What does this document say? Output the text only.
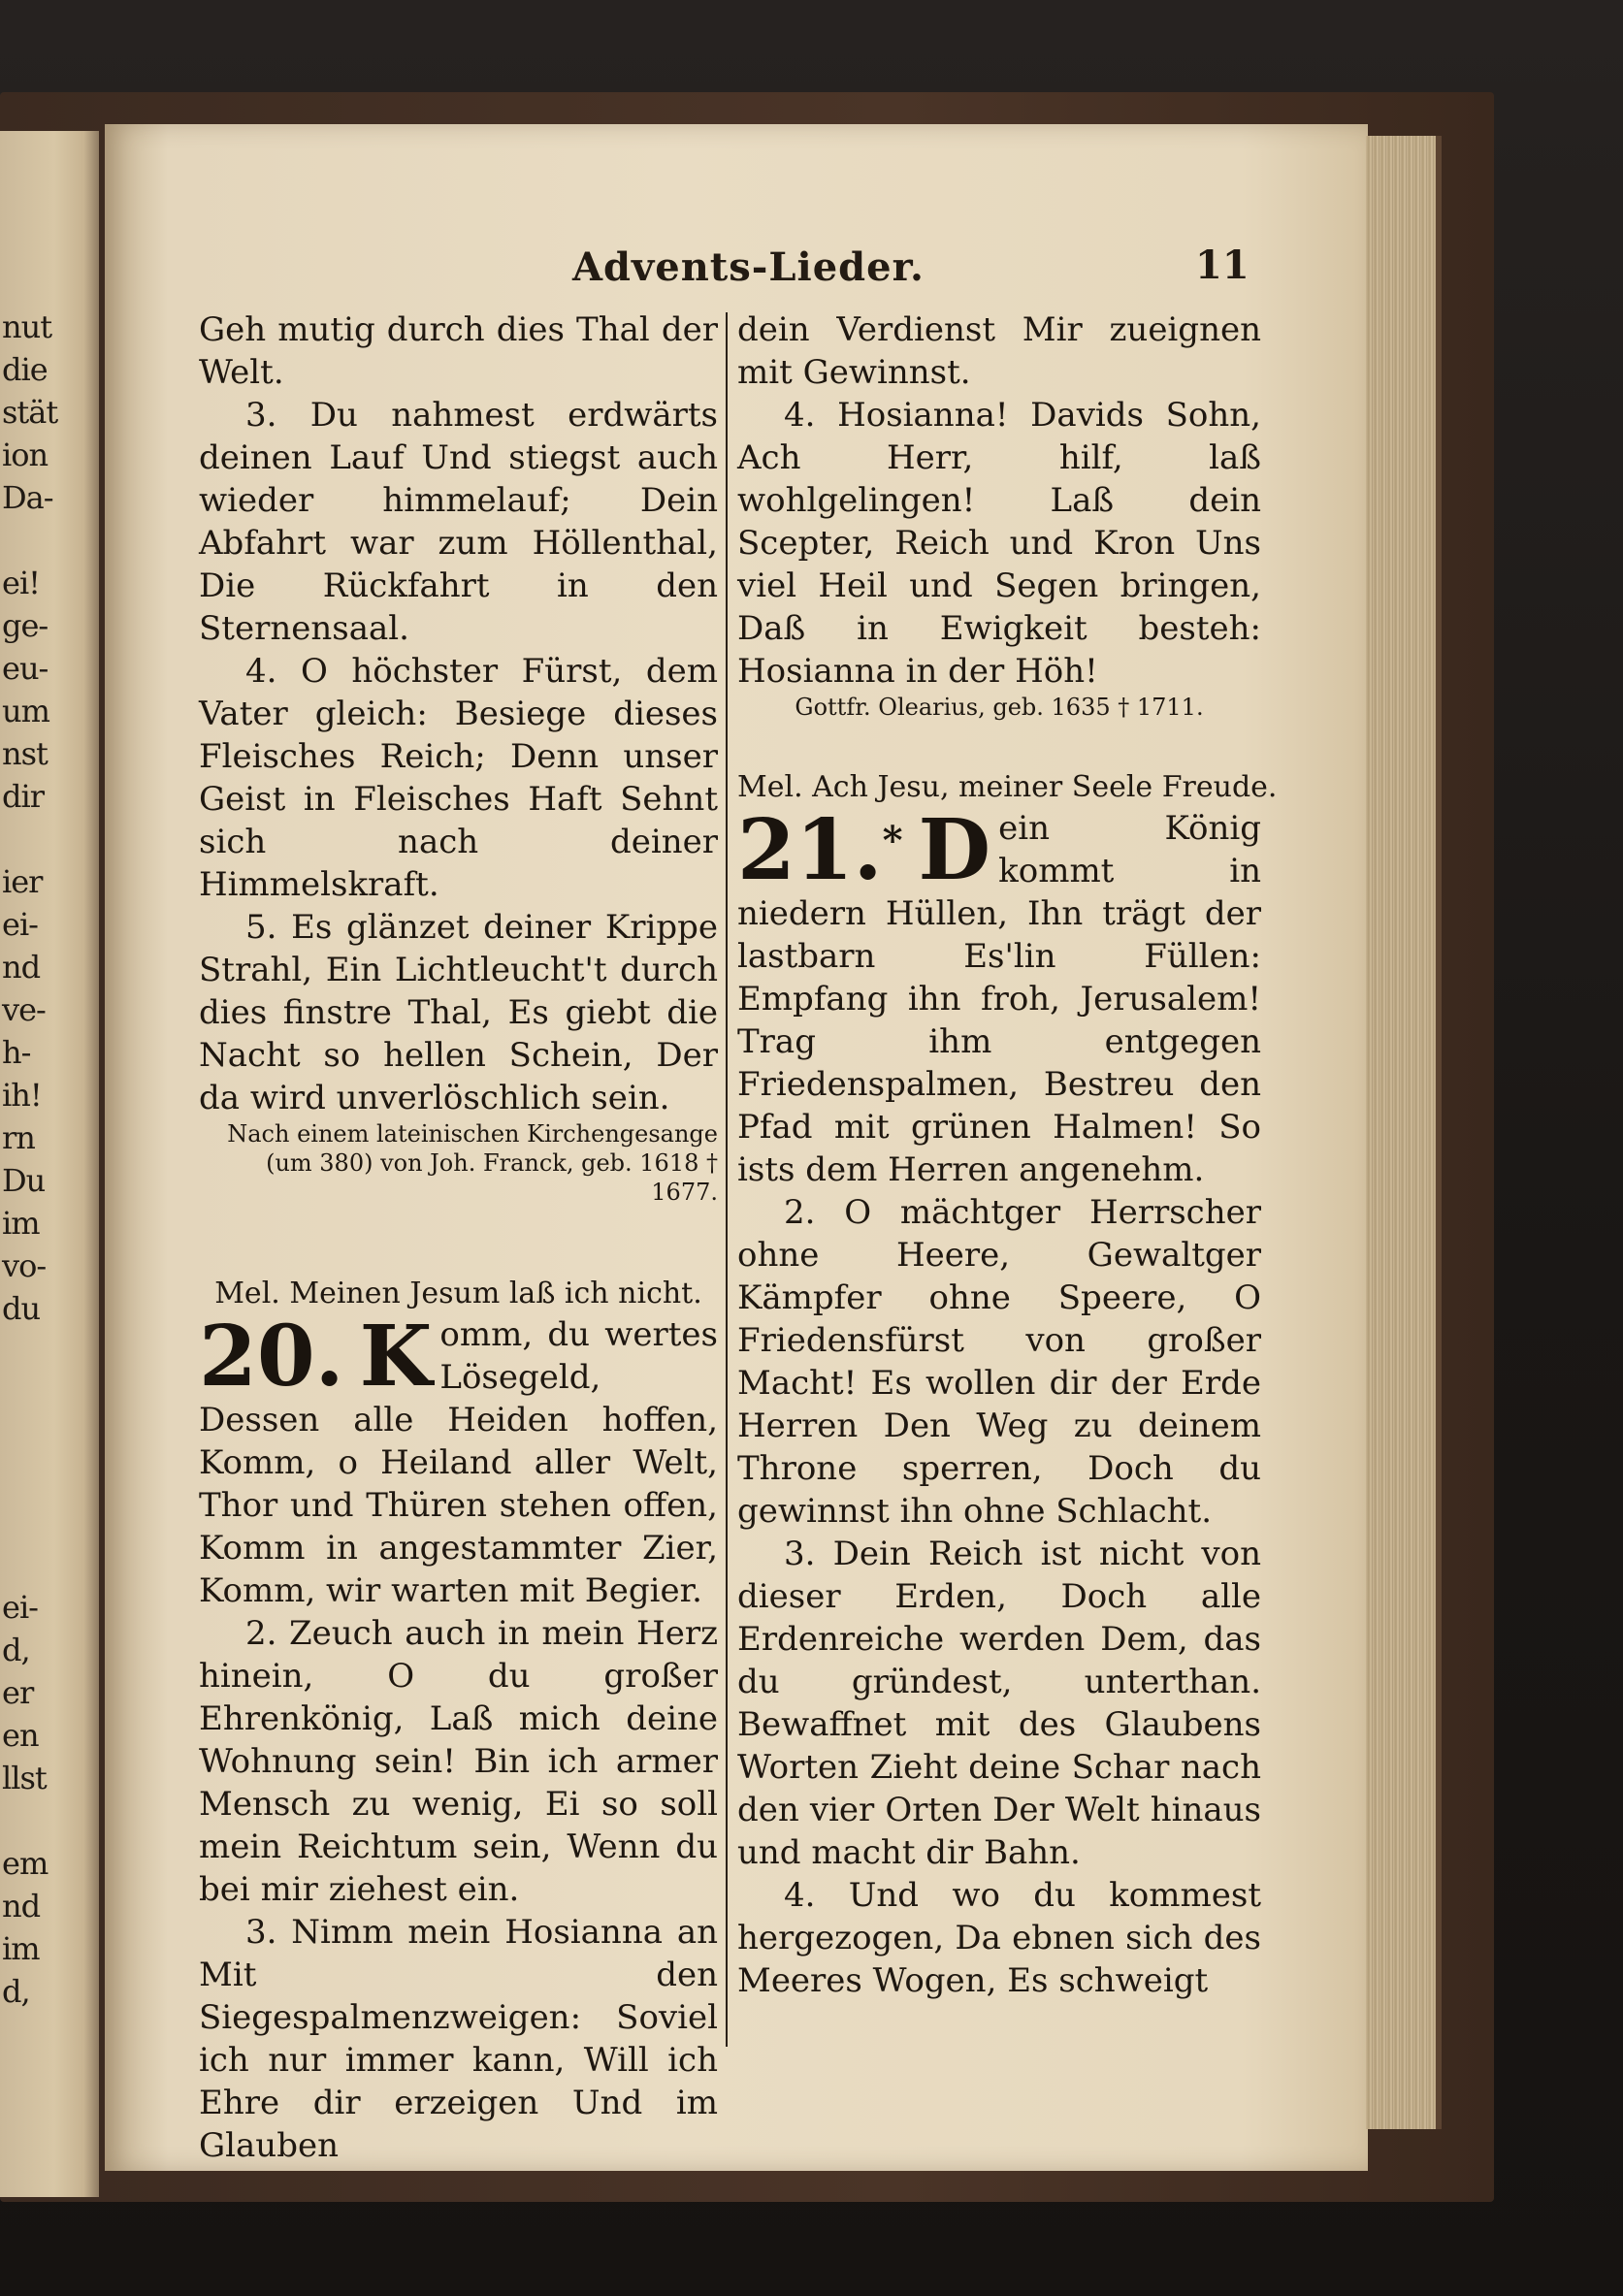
nut

die

stät

ion

Da-

ei!

ge-

eu-

um

nst

dir

ier

ei-

nd

ve-

h-

ih!

rn

Du

im

vo-

du

ei-

d,

er

en

llst

em

nd

im

d,

Advents-Lieder.	11

Geh mutig durch dies Thal der Welt.

3. Du nahmest erdwärts deinen Lauf Und stiegst auch wieder himmelauf; Dein Abfahrt war zum Höllenthal, Die Rückfahrt in den Sternensaal.

4. O höchster Fürst, dem Vater gleich: Besiege dieses Fleisches Reich; Denn unser Geist in Fleisches Haft Sehnt sich nach deiner Himmelskraft.

5. Es glänzet deiner Krippe Strahl, Ein Lichtleucht't durch dies finstre Thal, Es giebt die Nacht so hellen Schein, Der da wird unverlöschlich sein.

Nach einem lateinischen Kirchengesange (um 380) von Joh. Franck, geb. 1618 † 1677.

Mel. Meinen Jesum laß ich nicht.

20. K omm, du wertes Lösegeld, Dessen alle Heiden hoffen, Komm, o Heiland aller Welt, Thor und Thüren stehen offen, Komm in angestammter Zier, Komm, wir warten mit Begier.

2. Zeuch auch in mein Herz hinein, O du großer Ehrenkönig, Laß mich deine Wohnung sein! Bin ich armer Mensch zu wenig, Ei so soll mein Reichtum sein, Wenn du bei mir ziehest ein.

3. Nimm mein Hosianna an Mit den Siegespalmenzweigen: Soviel ich nur immer kann, Will ich Ehre dir erzeigen Und im Glauben

dein Verdienst Mir zueignen mit Gewinnst.

4. Hosianna! Davids Sohn, Ach Herr, hilf, laß wohlgelingen! Laß dein Scepter, Reich und Kron Uns viel Heil und Segen bringen, Daß in Ewigkeit besteh: Hosianna in der Höh!

Gottfr. Olearius, geb. 1635 † 1711.

Mel. Ach Jesu, meiner Seele Freude.

21.* D ein König kommt in niedern Hüllen, Ihn trägt der lastbarn Es'lin Füllen: Empfang ihn froh, Jerusalem! Trag ihm entgegen Friedenspalmen, Bestreu den Pfad mit grünen Halmen! So ists dem Herren angenehm.

2. O mächtger Herrscher ohne Heere, Gewaltger Kämpfer ohne Speere, O Friedensfürst von großer Macht! Es wollen dir der Erde Herren Den Weg zu deinem Throne sperren, Doch du gewinnst ihn ohne Schlacht.

3. Dein Reich ist nicht von dieser Erden, Doch alle Erdenreiche werden Dem, das du gründest, unterthan. Bewaffnet mit des Glaubens Worten Zieht deine Schar nach den vier Orten Der Welt hinaus und macht dir Bahn.

4. Und wo du kommest hergezogen, Da ebnen sich des Meeres Wogen, Es schweigt
